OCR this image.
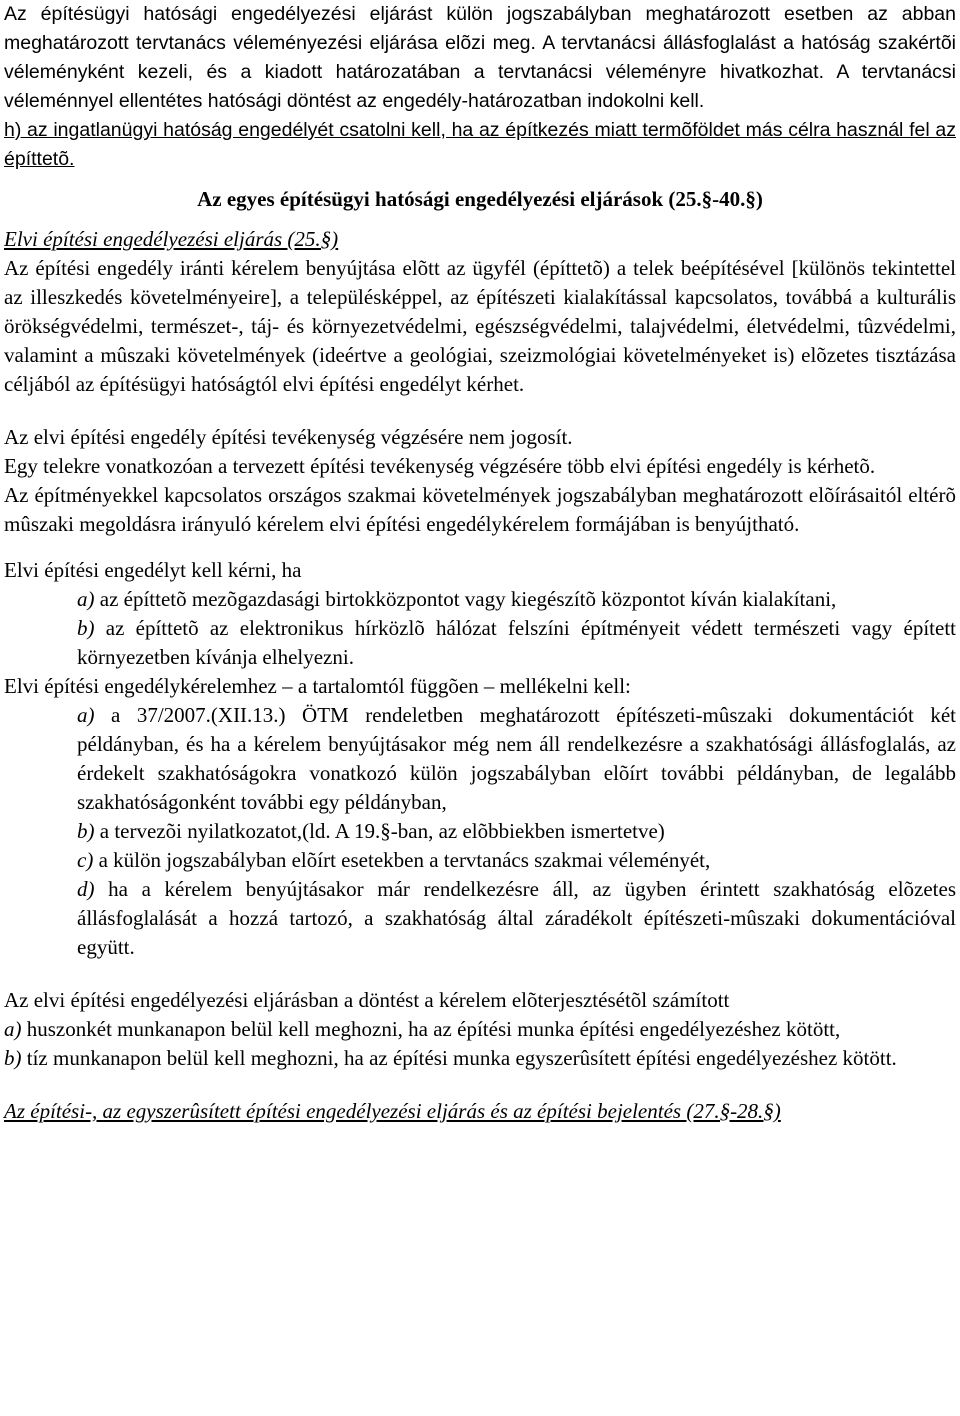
Az építésügyi hatósági engedélyezési eljárást külön jogszabályban meghatározott esetben az abban meghatározott tervtanács véleményezési eljárása elõzi meg. A tervtanácsi állásfoglalást a hatóság szakértõi véleményként kezeli, és a kiadott határozatában a tervtanácsi véleményre hivatkozhat. A tervtanácsi véleménnyel ellentétes hatósági döntést az engedély-határozatban indokolni kell.

h) az ingatlanügyi hatóság engedélyét csatolni kell, ha az építkezés miatt termõföldet más célra használ fel az építtetõ.

Az egyes építésügyi hatósági engedélyezési eljárások (25.§-40.§)

Elvi építési engedélyezési eljárás (25.§)

Az építési engedély iránti kérelem benyújtása elõtt az ügyfél (építtetõ) a telek beépítésével [különös tekintettel az illeszkedés követelményeire], a településképpel, az építészeti kialakítással kapcsolatos, továbbá a kulturális örökségvédelmi, természet-, táj- és környezetvédelmi, egészségvédelmi, talajvédelmi, életvédelmi, tûzvédelmi, valamint a mûszaki követelmények (ideértve a geológiai, szeizmológiai követelményeket is) elõzetes tisztázása céljából az építésügyi hatóságtól elvi építési engedélyt kérhet.

Az elvi építési engedély építési tevékenység végzésére nem jogosít.

Egy telekre vonatkozóan a tervezett építési tevékenység végzésére több elvi építési engedély is kérhetõ.

Az építményekkel kapcsolatos országos szakmai követelmények jogszabályban meghatározott elõírásaitól eltérõ mûszaki megoldásra irányuló kérelem elvi építési engedélykérelem formájában is benyújtható.

Elvi építési engedélyt kell kérni, ha

a) az építtetõ mezõgazdasági birtokközpontot vagy kiegészítõ központot kíván kialakítani,

b) az építtetõ az elektronikus hírközlõ hálózat felszíni építményeit védett természeti vagy épített környezetben kívánja elhelyezni.

Elvi építési engedélykérelemhez – a tartalomtól függõen – mellékelni kell:

a) a 37/2007.(XII.13.) ÖTM rendeletben meghatározott építészeti-mûszaki dokumentációt két példányban, és ha a kérelem benyújtásakor még nem áll rendelkezésre a szakhatósági állásfoglalás, az érdekelt szakhatóságokra vonatkozó külön jogszabályban elõírt további példányban, de legalább szakhatóságonként további egy példányban,

b) a tervezõi nyilatkozatot,(ld. A 19.§-ban, az elõbbiekben ismertetve)

c) a külön jogszabályban elõírt esetekben a tervtanács szakmai véleményét,

d) ha a kérelem benyújtásakor már rendelkezésre áll, az ügyben érintett szakhatóság elõzetes állásfoglalását a hozzá tartozó, a szakhatóság által záradékolt építészeti-mûszaki dokumentációval együtt.

Az elvi építési engedélyezési eljárásban a döntést a kérelem elõterjesztésétõl számított

a) huszonkét munkanapon belül kell meghozni, ha az építési munka építési engedélyezéshez kötött,

b) tíz munkanapon belül kell meghozni, ha az építési munka egyszerûsített építési engedélyezéshez kötött.

Az építési-, az egyszerûsített építési engedélyezési eljárás és az építési bejelentés (27.§-28.§)
